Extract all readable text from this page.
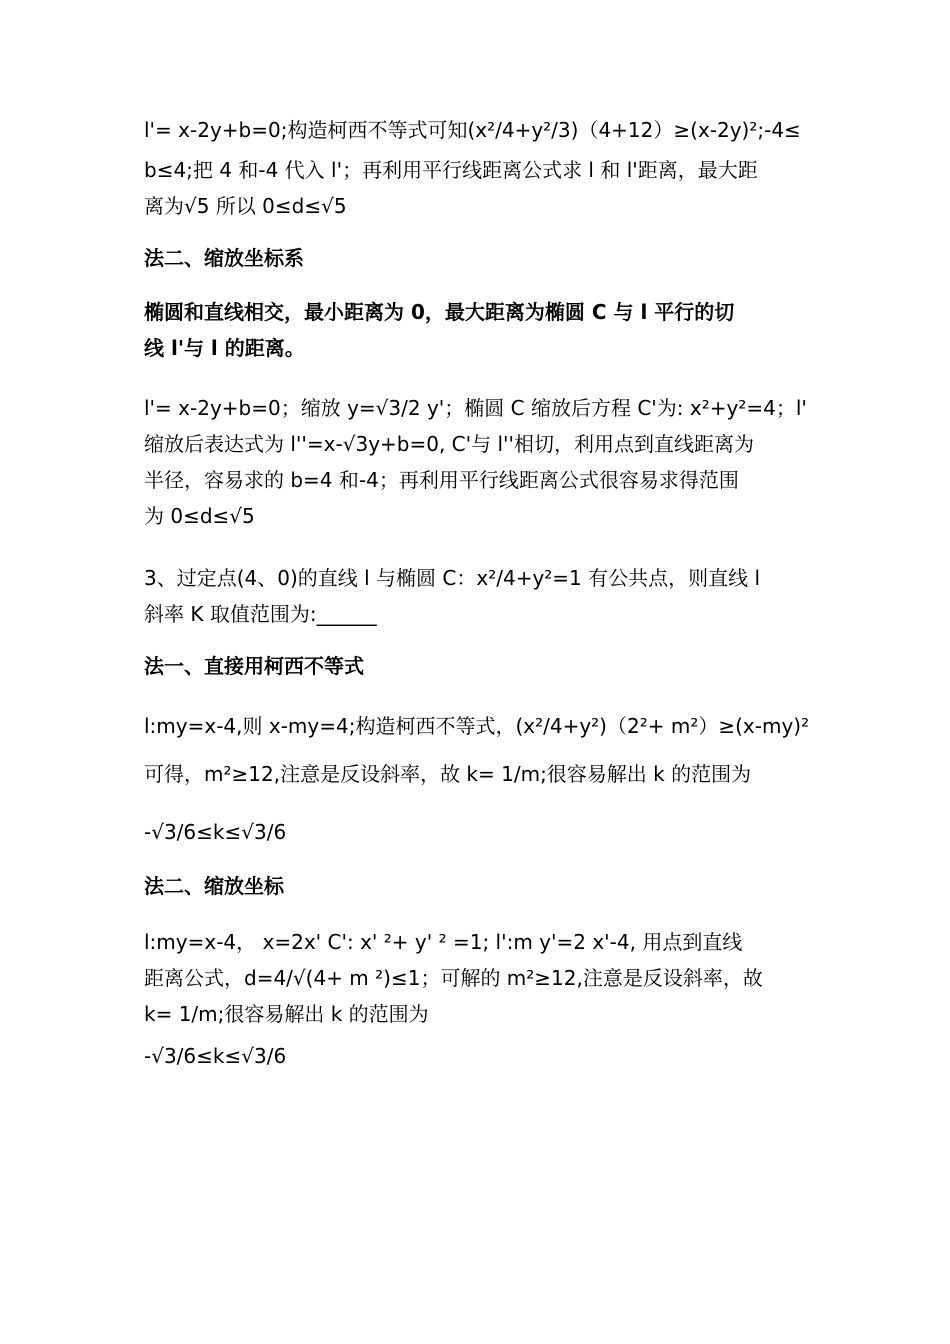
l'= x-2y+b=0;构造柯西不等式可知(x²/4+y²/3)（4+12）≥(x-2y)²;-4≤
b≤4;把 4 和-4 代入 l'；再利用平行线距离公式求 l 和 l'距离，最大距
离为√5 所以 0≤d≤√5

法二、缩放坐标系

椭圆和直线相交，最小距离为 0，最大距离为椭圆 C 与 l 平行的切
线 l'与 l 的距离。

l'= x-2y+b=0；缩放 y=√3/2 y'；椭圆 C 缩放后方程 C'为: x²+y²=4；l'
缩放后表达式为 l''=x-√3y+b=0, C'与 l''相切，利用点到直线距离为
半径，容易求的 b=4 和-4；再利用平行线距离公式很容易求得范围
为 0≤d≤√5

3、过定点(4、0)的直线 l 与椭圆 C：x²/4+y²=1 有公共点，则直线 l
斜率 K 取值范围为:______

法一、直接用柯西不等式

l:my=x-4,则 x-my=4;构造柯西不等式，(x²/4+y²)（2²+ m²）≥(x-my)²

可得，m²≥12,注意是反设斜率，故 k= 1/m;很容易解出 k 的范围为

-√3/6≤k≤√3/6

法二、缩放坐标

l:my=x-4， x=2x' C': x' ²+ y' ² =1; l':m y'=2 x'-4, 用点到直线
距离公式，d=4/√(4+ m ²)≤1；可解的 m²≥12,注意是反设斜率，故
k= 1/m;很容易解出 k 的范围为

-√3/6≤k≤√3/6
